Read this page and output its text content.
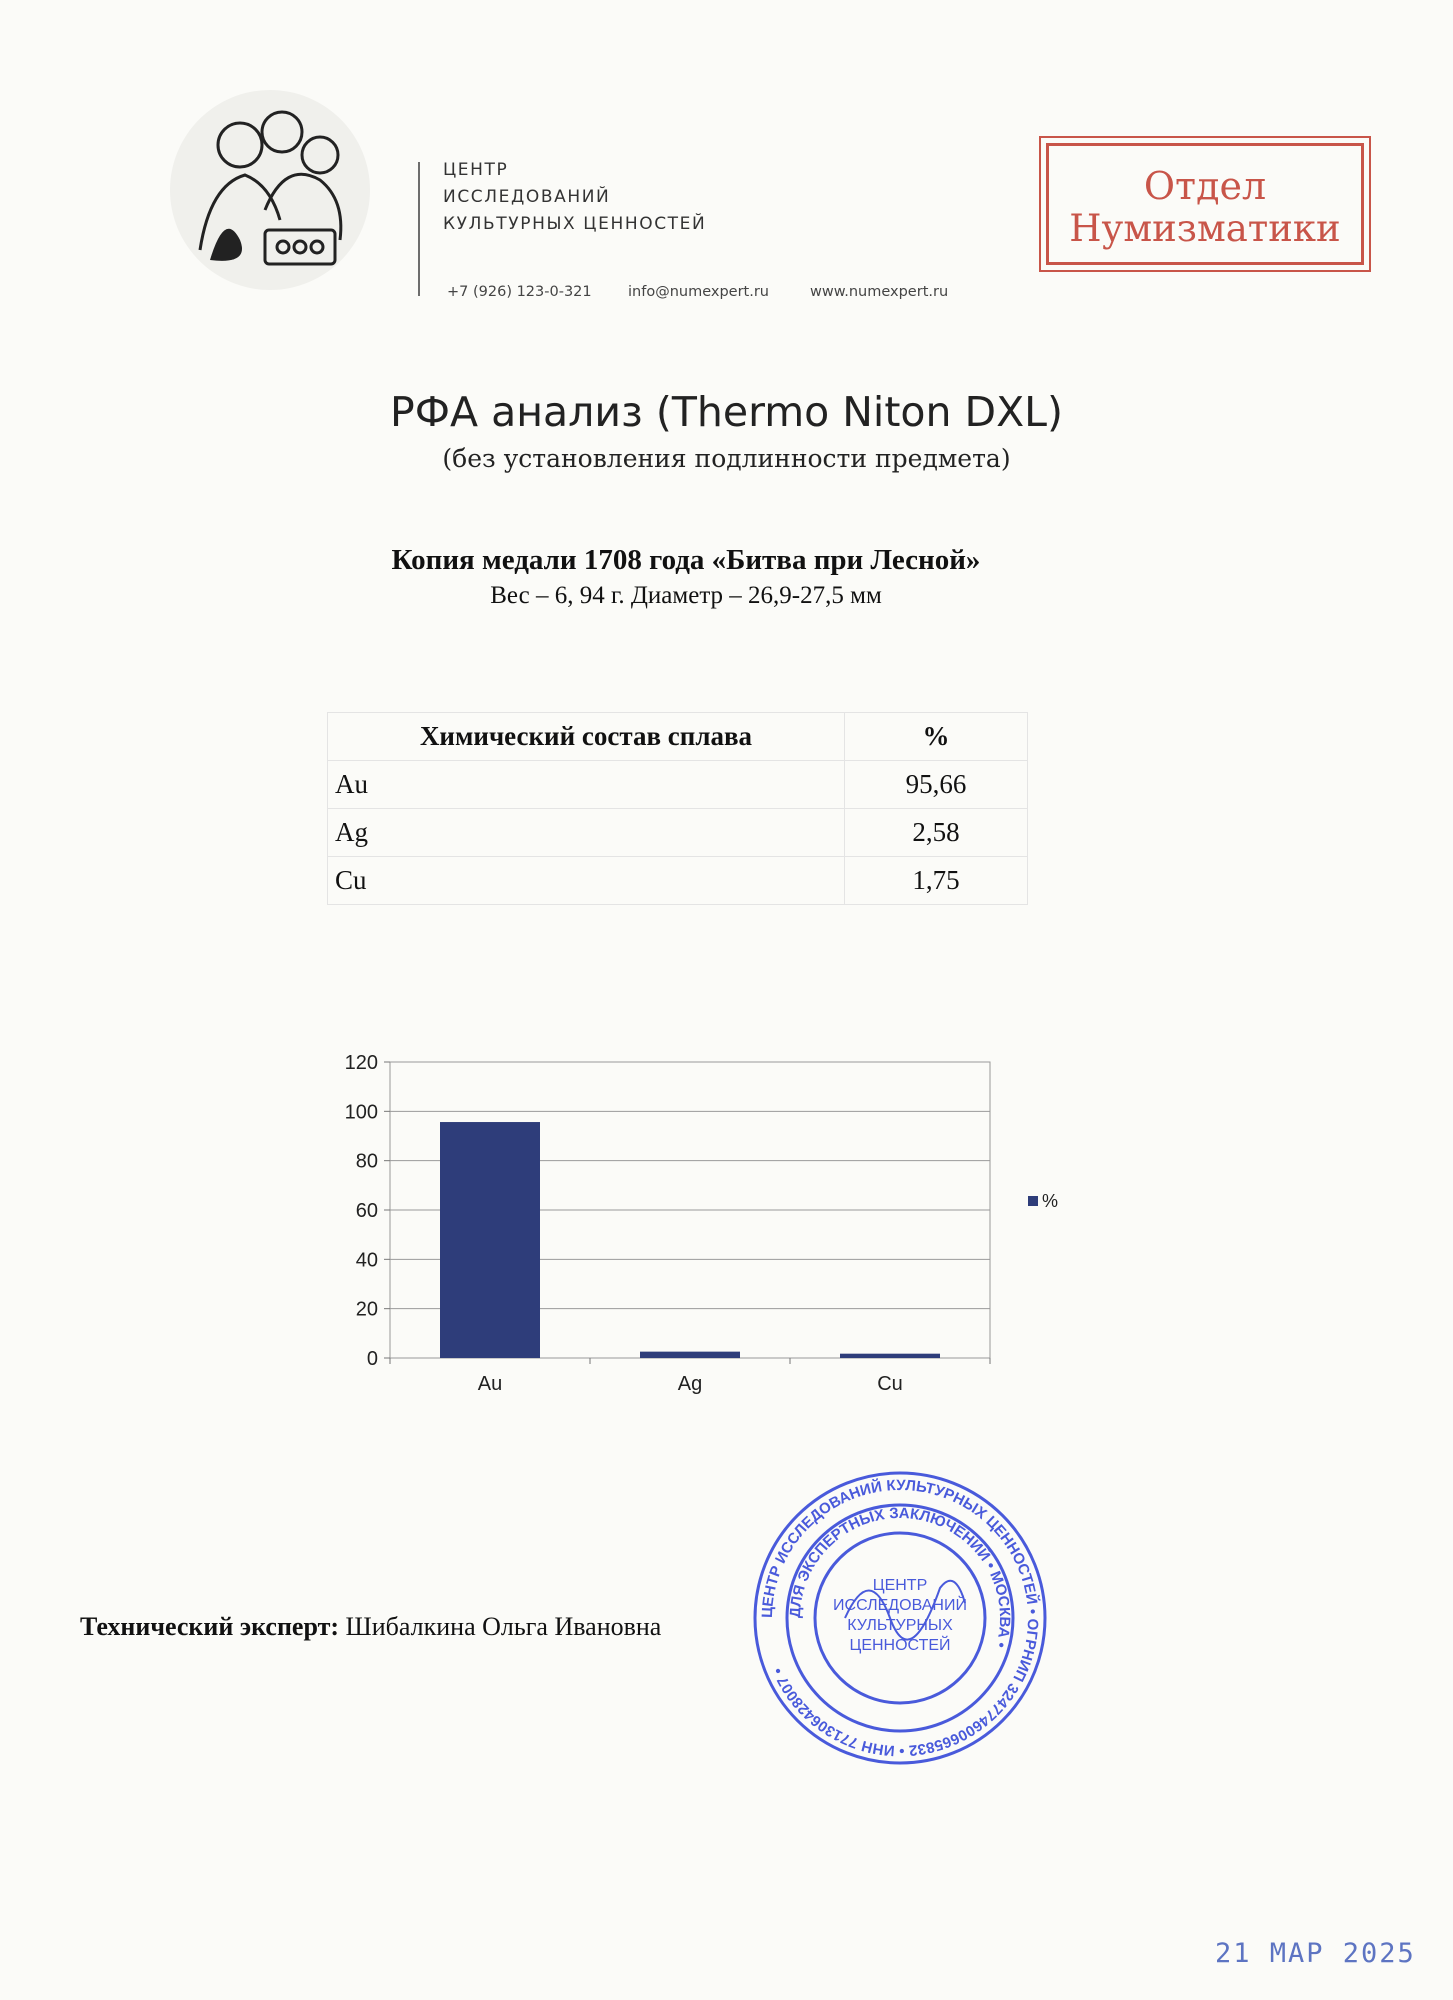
ЦЕНТР
ИССЛЕДОВАНИЙ
КУЛЬТУРНЫХ ЦЕННОСТЕЙ
+7 (926) 123-0-321	info@numexpert.ru	www.numexpert.ru
Отдел
Нумизматики
РФА анализ (Thermo Niton DXL)
(без установления подлинности предмета)
Копия медали 1708 года «Битва при Лесной»
Вес – 6, 94 г. Диаметр – 26,9-27,5 мм
Химический состав сплава	%
Au	95,66
Ag	2,58
Cu	1,75
0
20
40
60
80
100
120
Au	Ag	Cu
%
Технический эксперт: Шибалкина Ольга Ивановна	ЦЕНТР ИССЛЕДОВАНИЙ КУЛЬТУРНЫХ ЦЕННОСТЕЙ • ОГРНИП 324774600665832 • ИНН 771306428007 •
ДЛЯ ЭКСПЕРТНЫХ ЗАКЛЮЧЕНИЙ • МОСКВА •
ЦЕНТР
ИССЛЕДОВАНИЙ
КУЛЬТУРНЫХ
ЦЕННОСТЕЙ
21 МАР 2025
